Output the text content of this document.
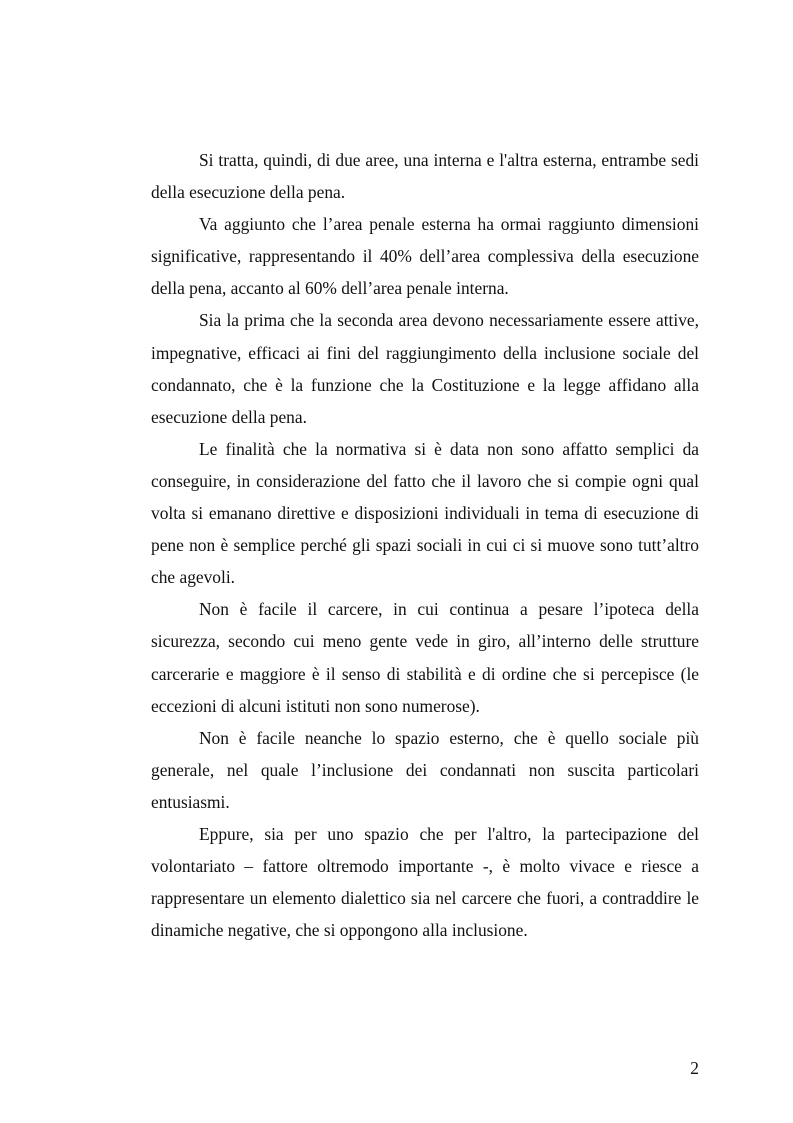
Si tratta, quindi, di due aree, una interna e l'altra esterna, entrambe sedi della esecuzione della pena.

Va aggiunto che l’area penale esterna ha ormai raggiunto dimensioni significative, rappresentando il 40% dell’area complessiva della esecuzione della pena, accanto al 60% dell’area penale interna.

Sia la prima che la seconda area devono necessariamente essere attive, impegnative, efficaci ai fini del raggiungimento della inclusione sociale del condannato, che è la funzione che la Costituzione e la legge affidano alla esecuzione della pena.

Le finalità che la normativa si è data non sono affatto semplici da conseguire, in considerazione del fatto che il lavoro che si compie ogni qual volta si emanano direttive e disposizioni individuali in tema di esecuzione di pene non è semplice perché gli spazi sociali in cui ci si muove sono tutt’altro che agevoli.

Non è facile il carcere, in cui continua a pesare l’ipoteca della sicurezza, secondo cui meno gente vede in giro, all’interno delle strutture carcerarie e maggiore è il senso di stabilità e di ordine che si percepisce (le eccezioni di alcuni istituti non sono numerose).

Non è facile neanche lo spazio esterno, che è quello sociale più generale, nel quale l’inclusione dei condannati non suscita particolari entusiasmi.

Eppure, sia per uno spazio che per l'altro, la partecipazione del volontariato – fattore oltremodo importante -, è molto vivace e riesce a rappresentare un elemento dialettico sia nel carcere che fuori, a contraddire le dinamiche negative, che si oppongono alla inclusione.

2
